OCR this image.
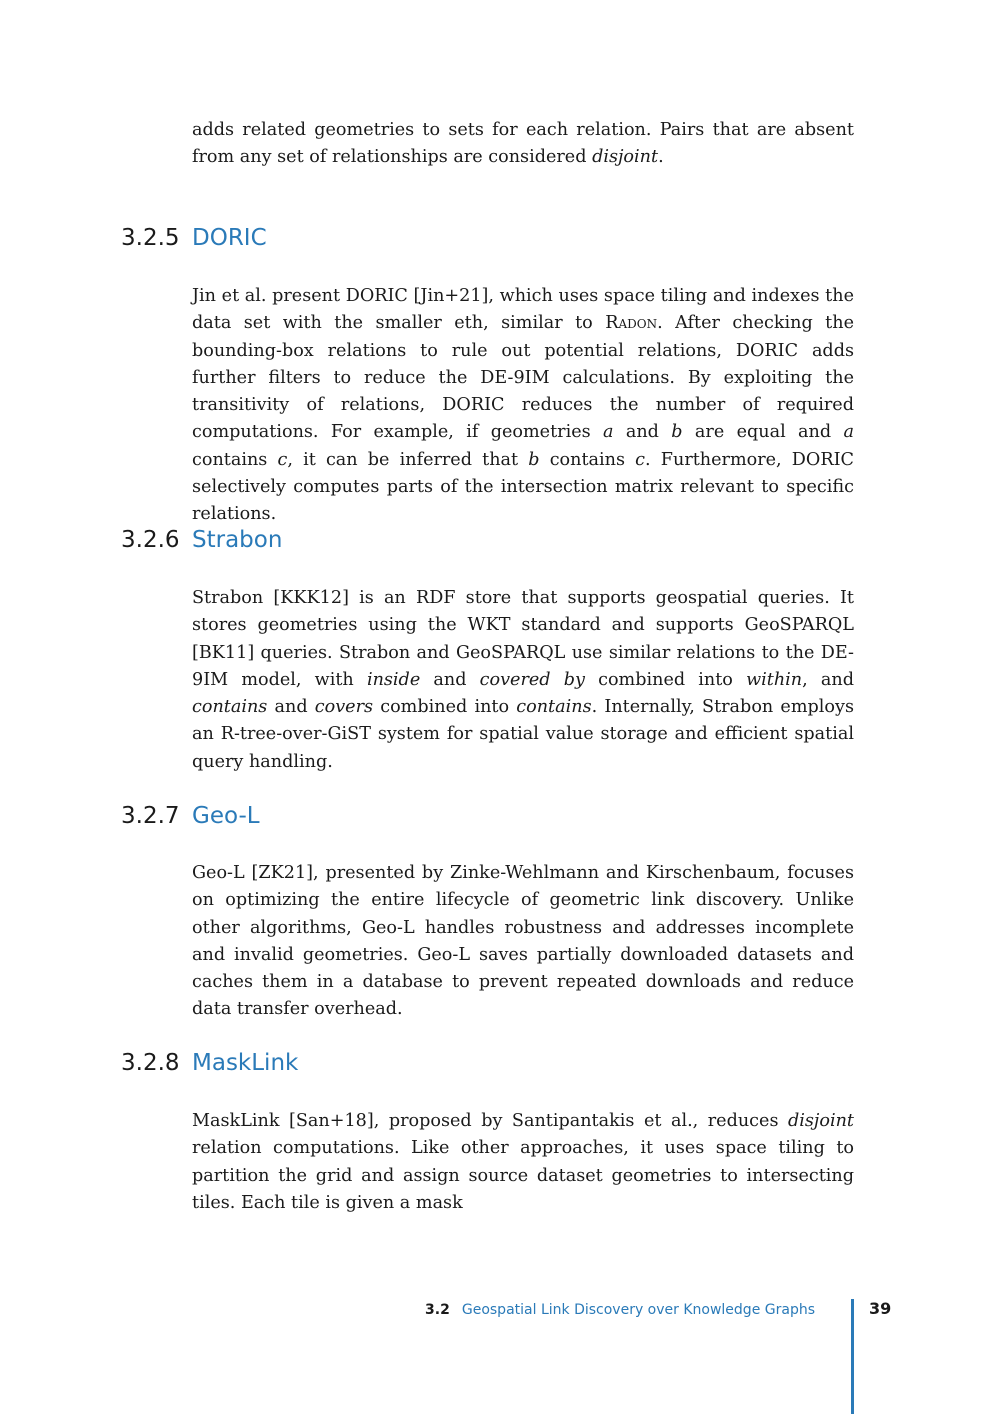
adds related geometries to sets for each relation. Pairs that are absent from any set of relationships are considered disjoint.

3.2.5 DORIC

Jin et al. present DORIC [Jin+21], which uses space tiling and indexes the data set with the smaller eth, similar to Radon. After checking the bounding-box relations to rule out potential relations, DORIC adds further filters to reduce the DE-9IM calculations. By exploiting the transitivity of relations, DORIC reduces the number of required computations. For example, if geometries a and b are equal and a contains c, it can be inferred that b contains c. Furthermore, DORIC selectively computes parts of the intersection matrix relevant to specific relations.

3.2.6 Strabon

Strabon [KKK12] is an RDF store that supports geospatial queries. It stores geometries using the WKT standard and supports GeoSPARQL [BK11] queries. Strabon and GeoSPARQL use similar relations to the DE-9IM model, with inside and covered by combined into within, and contains and covers combined into contains. Internally, Strabon employs an R-tree-over-GiST system for spatial value storage and efficient spatial query handling.

3.2.7 Geo-L

Geo-L [ZK21], presented by Zinke-Wehlmann and Kirschenbaum, focuses on optimizing the entire lifecycle of geometric link discovery. Unlike other algorithms, Geo-L handles robustness and addresses incomplete and invalid geometries. Geo-L saves partially downloaded datasets and caches them in a database to prevent repeated downloads and reduce data transfer overhead.

3.2.8 MaskLink

MaskLink [San+18], proposed by Santipantakis et al., reduces disjoint relation computations. Like other approaches, it uses space tiling to partition the grid and assign source dataset geometries to intersecting tiles. Each tile is given a mask

3.2 Geospatial Link Discovery over Knowledge Graphs	39
